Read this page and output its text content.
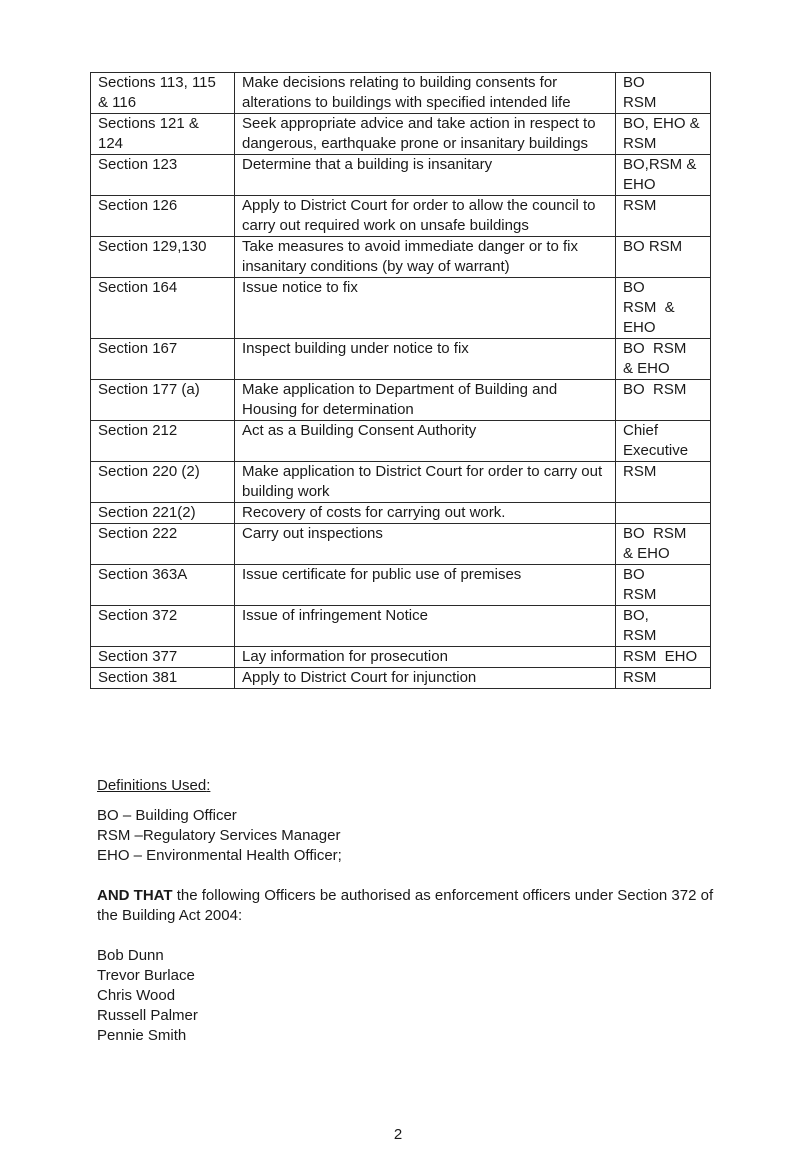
Sections 113, 115 & 116	Make decisions relating to building consents for alterations to buildings with specified intended life	BO
RSM

Sections 121 & 124	Seek appropriate advice and take action in respect to dangerous, earthquake prone or insanitary buildings	BO, EHO &
RSM

Section 123	Determine that a building is insanitary	BO,RSM &
EHO

Section 126	Apply to District Court for order to allow the council to carry out required work on unsafe buildings	RSM

Section 129,130	Take measures to avoid immediate danger or to fix insanitary conditions (by way of warrant)	BO RSM

Section 164	Issue notice to fix	BO
RSM  &
EHO

Section 167	Inspect building under notice to fix	BO  RSM
& EHO

Section 177 (a)	Make application to Department of Building and Housing for determination	BO  RSM

Section 212	Act as a Building Consent Authority	Chief
Executive

Section 220 (2)	Make application to District Court for order to carry out building work	RSM

Section 221(2)	Recovery of costs for carrying out work.	

Section 222	Carry out inspections	BO  RSM
& EHO

Section 363A	Issue certificate for public use of premises	BO
RSM

Section 372	Issue of infringement Notice	BO,
RSM

Section 377	Lay information for prosecution	RSM  EHO

Section 381	Apply to District Court for injunction	RSM

Definitions Used:

BO – Building Officer

RSM –Regulatory Services Manager

EHO – Environmental Health Officer;

AND THAT the following Officers be authorised as enforcement officers under Section 372 of the Building Act 2004:

Bob Dunn

Trevor Burlace

Chris Wood

Russell Palmer

Pennie Smith

2
